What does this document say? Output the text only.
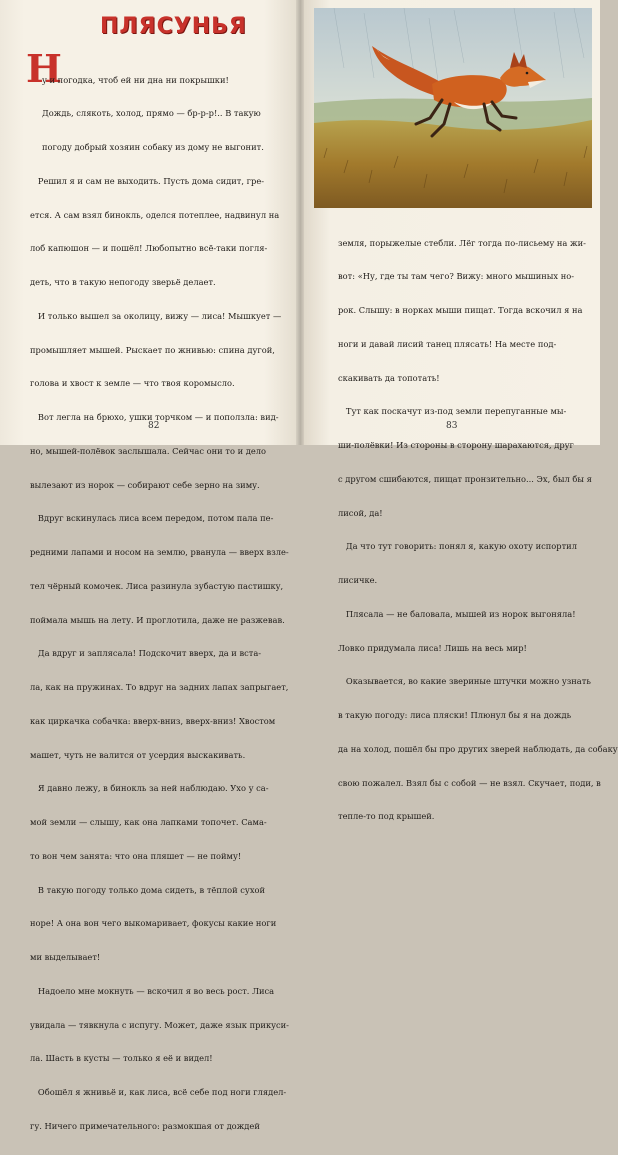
ПЛЯСУНЬЯ
Н

у и погодка, чтоб ей ни дна ни покрышки!

Дождь, слякоть, холод, прямо — бр-р-р!.. В такую

погоду добрый хозяин собаку из дому не выгонит.

Решил я и сам не выходить. Пусть дома сидит, гре-

ется. А сам взял бинокль, оделся потеплее, надвинул на

лоб капюшон — и пошёл! Любопытно всё-таки погля-

деть, что в такую непогоду зверьё делает.

И только вышел за околицу, вижу — лиса! Мышкует —

промышляет мышей. Рыскает по жнивью: спина дугой,

голова и хвост к земле — что твоя коромысло.

Вот легла на брюхо, ушки торчком — и поползла: вид-

но, мышей-полёвок заслышала. Сейчас они то и дело

вылезают из норок — собирают себе зерно на зиму.

Вдруг вскинулась лиса всем передом, потом пала пе-

редними лапами и носом на землю, рванула — вверх взле-

тел чёрный комочек. Лиса разинула зубастую пастишку,

поймала мышь на лету. И проглотила, даже не разжевав.

Да вдруг и заплясала! Подскочит вверх, да и вста-

ла, как на пружинах. То вдруг на задних лапах запрыгает,

как циркачка собачка: вверх-вниз, вверх-вниз! Хвостом

машет, чуть не валится от усердия выскакивать.

Я давно лежу, в бинокль за ней наблюдаю. Ухо у са-

мой земли — слышу, как она лапками топочет. Сама-

то вон чем занята: что она пляшет — не пойму!

В такую погоду только дома сидеть, в тёплой сухой

норе! А она вон чего выкомаривает, фокусы какие ноги

ми выделывает!

Надоело мне мокнуть — вскочил я во весь рост. Лиса

увидала — тявкнула с испугу. Может, даже язык прикуси-

ла. Шасть в кусты — только я её и видел!

Обошёл я жнивьё и, как лиса, всё себе под ноги глядел-

гу. Ничего примечательного: размокшая от дождей

82

земля, порыжелые стебли. Лёг тогда по-лисьему на жи-

вот: «Ну, где ты там чего? Вижу: много мышиных но-

рок. Слышу: в норках мыши пищат. Тогда вскочил я на

ноги и давай лисий танец плясать! На месте под-

скакивать да топотать!

Тут как поскачут из-под земли перепуганные мы-

ши-полёвки! Из стороны в сторону шарахаются, друг

с другом сшибаются, пищат пронзительно... Эх, был бы я

лисой, да!

Да что тут говорить: понял я, какую охоту испортил

лисичке.

Плясала — не баловала, мышей из норок выгоняла!

Ловко придумала лиса! Лишь на весь мир!

Оказывается, во какие звериные штучки можно узнать

в такую погоду: лиса пляски! Плюнул бы я на дождь

да на холод, пошёл бы про других зверей наблюдать, да собаку

свою пожалел. Взял бы с собой — не взял. Скучает, поди, в

тепле-то под крышей.

83
